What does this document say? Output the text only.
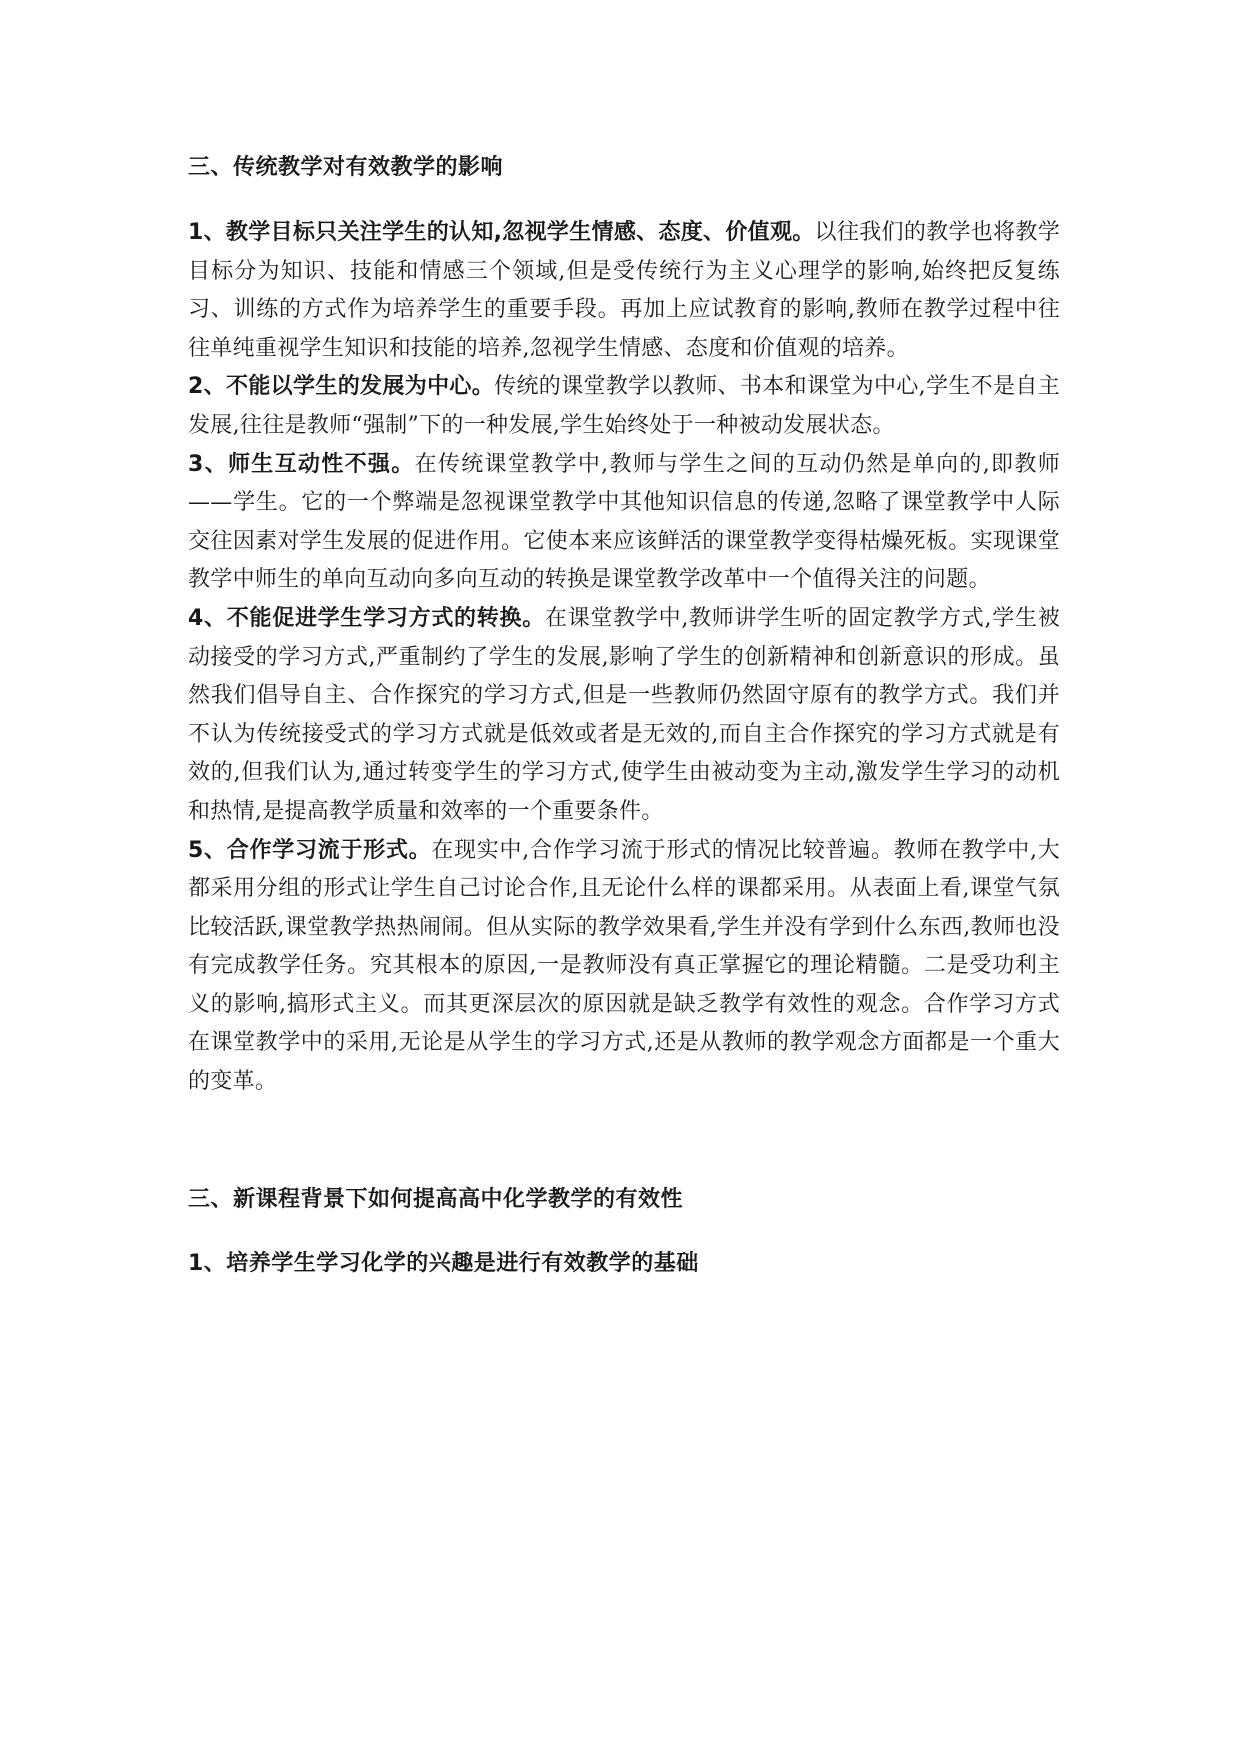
三、传统教学对有效教学的影响

1、教学目标只关注学生的认知,忽视学生情感、态度、价值观。以往我们的教学也将教学目标分为知识、技能和情感三个领域,但是受传统行为主义心理学的影响,始终把反复练习、训练的方式作为培养学生的重要手段。再加上应试教育的影响,教师在教学过程中往往单纯重视学生知识和技能的培养,忽视学生情感、态度和价值观的培养。

2、不能以学生的发展为中心。传统的课堂教学以教师、书本和课堂为中心,学生不是自主发展,往往是教师“强制”下的一种发展,学生始终处于一种被动发展状态。

3、师生互动性不强。在传统课堂教学中,教师与学生之间的互动仍然是单向的,即教师——学生。它的一个弊端是忽视课堂教学中其他知识信息的传递,忽略了课堂教学中人际交往因素对学生发展的促进作用。它使本来应该鲜活的课堂教学变得枯燥死板。实现课堂教学中师生的单向互动向多向互动的转换是课堂教学改革中一个值得关注的问题。

4、不能促进学生学习方式的转换。在课堂教学中,教师讲学生听的固定教学方式,学生被动接受的学习方式,严重制约了学生的发展,影响了学生的创新精神和创新意识的形成。虽然我们倡导自主、合作探究的学习方式,但是一些教师仍然固守原有的教学方式。我们并不认为传统接受式的学习方式就是低效或者是无效的,而自主合作探究的学习方式就是有效的,但我们认为,通过转变学生的学习方式,使学生由被动变为主动,激发学生学习的动机和热情,是提高教学质量和效率的一个重要条件。

5、合作学习流于形式。在现实中,合作学习流于形式的情况比较普遍。教师在教学中,大都采用分组的形式让学生自己讨论合作,且无论什么样的课都采用。从表面上看,课堂气氛比较活跃,课堂教学热热闹闹。但从实际的教学效果看,学生并没有学到什么东西,教师也没有完成教学任务。究其根本的原因,一是教师没有真正掌握它的理论精髓。二是受功利主义的影响,搞形式主义。而其更深层次的原因就是缺乏教学有效性的观念。合作学习方式在课堂教学中的采用,无论是从学生的学习方式,还是从教师的教学观念方面都是一个重大的变革。

三、新课程背景下如何提高高中化学教学的有效性
1、培养学生学习化学的兴趣是进行有效教学的基础
